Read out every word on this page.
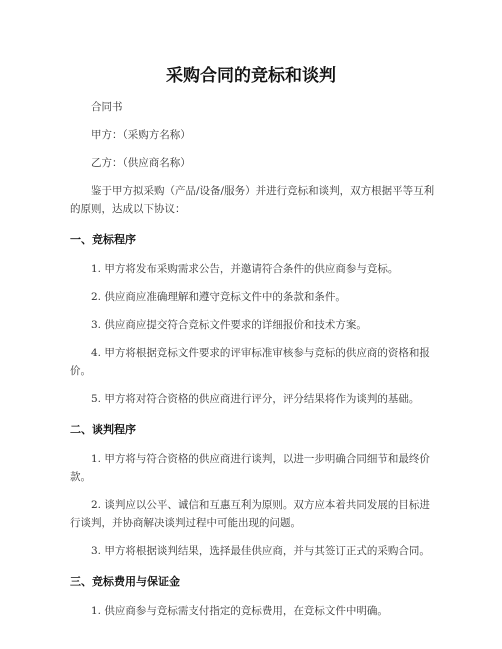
采购合同的竞标和谈判

合同书

甲方：（采购方名称）

乙方：（供应商名称）

鉴于甲方拟采购（产品/设备/服务）并进行竞标和谈判，双方根据平等互利的原则，达成以下协议：

一、竞标程序

1. 甲方将发布采购需求公告，并邀请符合条件的供应商参与竞标。

2. 供应商应准确理解和遵守竞标文件中的条款和条件。

3. 供应商应提交符合竞标文件要求的详细报价和技术方案。

4. 甲方将根据竞标文件要求的评审标准审核参与竞标的供应商的资格和报价。

5. 甲方将对符合资格的供应商进行评分，评分结果将作为谈判的基础。

二、谈判程序

1. 甲方将与符合资格的供应商进行谈判，以进一步明确合同细节和最终价款。

2. 谈判应以公平、诚信和互惠互利为原则。双方应本着共同发展的目标进行谈判，并协商解决谈判过程中可能出现的问题。

3. 甲方将根据谈判结果，选择最佳供应商，并与其签订正式的采购合同。

三、竞标费用与保证金

1. 供应商参与竞标需支付指定的竞标费用，在竞标文件中明确。
